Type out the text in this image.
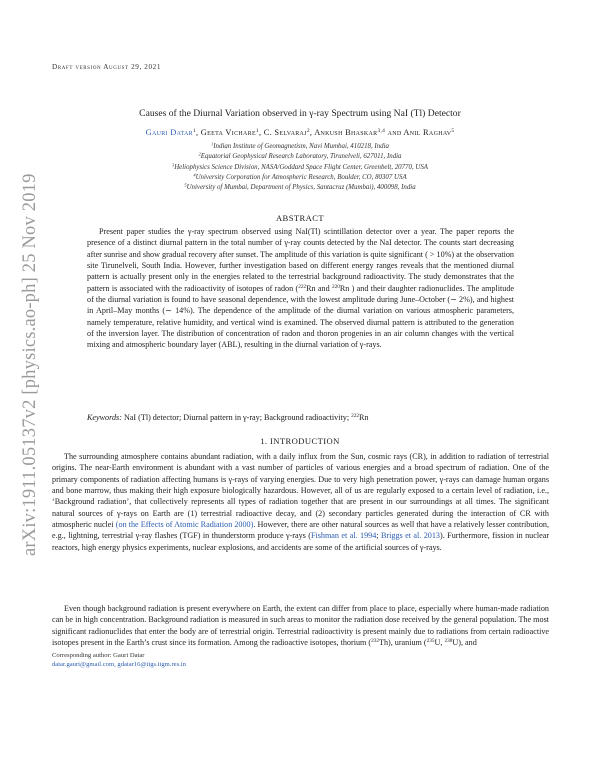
arXiv:1911.05137v2 [physics.ao-ph] 25 Nov 2019
Draft version August 29, 2021
Causes of the Diurnal Variation observed in γ-ray Spectrum using NaI (Tl) Detector
Gauri Datar$^1$, Geeta Vichare$^1$, C. Selvaraj$^2$, Ankush Bhaskar$^{3,4}$ and Anil Raghav$^5$
$^1$Indian Institute of Geomagnetism, Navi Mumbai, 410218, India
$^2$Equatorial Geophysical Research Laboratory, Tirunelveli, 627011, India
$^3$Heliophysics Science Division, NASA/Goddard Space Flight Center, Greenbelt, 20770, USA
$^4$University Corporation for Atmospheric Research, Boulder, CO, 80307 USA
$^5$University of Mumbai, Department of Physics, Santacruz (Mumbai), 400098, India
ABSTRACT
Present paper studies the γ-ray spectrum observed using NaI(Tl) scintillation detector over a year. The paper reports the presence of a distinct diurnal pattern in the total number of γ-ray counts detected by the NaI detector. The counts start decreasing after sunrise and show gradual recovery after sunset. The amplitude of this variation is quite significant ( > 10%) at the observation site Tirunelveli, South India. However, further investigation based on different energy ranges reveals that the mentioned diurnal pattern is actually present only in the energies related to the terrestrial background radioactivity. The study demonstrates that the pattern is associated with the radioactivity of isotopes of radon ($^{222}$Rn and $^{220}$Rn ) and their daughter radionuclides. The amplitude of the diurnal variation is found to have seasonal dependence, with the lowest amplitude during June–October (∼ 2%), and highest in April–May months (∼ 14%). The dependence of the amplitude of the diurnal variation on various atmospheric parameters, namely temperature, relative humidity, and vertical wind is examined. The observed diurnal pattern is attributed to the generation of the inversion layer. The distribution of concentration of radon and thoron progenies in an air column changes with the vertical mixing and atmospheric boundary layer (ABL), resulting in the diurnal variation of γ-rays.
Keywords: NaI (Tl) detector; Diurnal pattern in γ-ray; Background radioactivity; $^{222}$Rn
1. INTRODUCTION
The surrounding atmosphere contains abundant radiation, with a daily influx from the Sun, cosmic rays (CR), in addition to radiation of terrestrial origins. The near-Earth environment is abundant with a vast number of particles of various energies and a broad spectrum of radiation. One of the primary components of radiation affecting humans is γ-rays of varying energies. Due to very high penetration power, γ-rays can damage human organs and bone marrow, thus making their high exposure biologically hazardous. However, all of us are regularly exposed to a certain level of radiation, i.e., ‘Background radiation’, that collectively represents all types of radiation together that are present in our surroundings at all times. The significant natural sources of γ-rays on Earth are (1) terrestrial radioactive decay, and (2) secondary particles generated during the interaction of CR with atmospheric nuclei (on the Effects of Atomic Radiation 2000). However, there are other natural sources as well that have a relatively lesser contribution, e.g., lightning, terrestrial γ-ray flashes (TGF) in thunderstorm produce γ-rays (Fishman et al. 1994; Briggs et al. 2013). Furthermore, fission in nuclear reactors, high energy physics experiments, nuclear explosions, and accidents are some of the artificial sources of γ-rays.
Even though background radiation is present everywhere on Earth, the extent can differ from place to place, especially where human-made radiation can be in high concentration. Background radiation is measured in such areas to monitor the radiation dose received by the general population. The most significant radionuclides that enter the body are of terrestrial origin. Terrestrial radioactivity is present mainly due to radiations from certain radioactive isotopes present in the Earth’s crust since its formation. Among the radioactive isotopes, thorium ($^{232}$Th), uranium ($^{235}$U, $^{238}$U), and
Corresponding author: Gauri Datar
datar.gauri@gmail.com, gdatar16@iigs.iigm.res.in
